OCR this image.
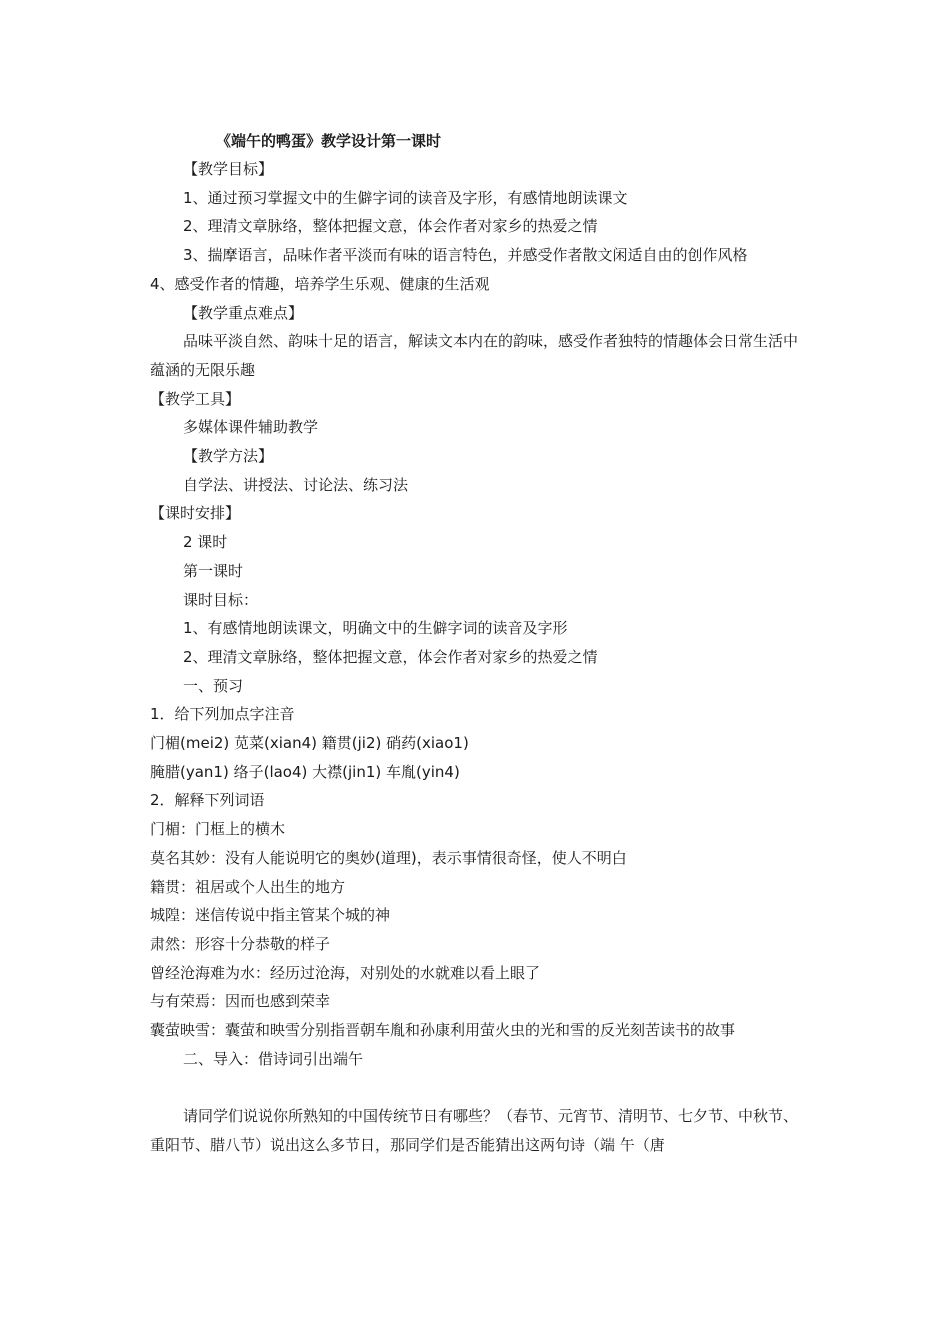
《端午的鸭蛋》教学设计第一课时

【教学目标】

1、通过预习掌握文中的生僻字词的读音及字形，有感情地朗读课文

2、理清文章脉络，整体把握文意，体会作者对家乡的热爱之情

3、揣摩语言，品味作者平淡而有味的语言特色，并感受作者散文闲适自由的创作风格

4、感受作者的情趣，培养学生乐观、健康的生活观

【教学重点难点】

品味平淡自然、韵味十足的语言，解读文本内在的韵味，感受作者独特的情趣体会日常生活中蕴涵的无限乐趣

【教学工具】

多媒体课件辅助教学

【教学方法】

自学法、讲授法、讨论法、练习法

【课时安排】

2 课时

第一课时

课时目标：

1、有感情地朗读课文，明确文中的生僻字词的读音及字形

2、理清文章脉络，整体把握文意，体会作者对家乡的热爱之情

一、预习

1．给下列加点字注音

门楣(mei2) 苋菜(xian4) 籍贯(ji2) 硝药(xiao1)

腌腊(yan1) 络子(lao4) 大襟(jin1) 车胤(yin4)

2．解释下列词语

门楣：门框上的横木

莫名其妙：没有人能说明它的奥妙(道理)，表示事情很奇怪，使人不明白

籍贯：祖居或个人出生的地方

城隍：迷信传说中指主管某个城的神

肃然：形容十分恭敬的样子

曾经沧海难为水：经历过沧海，对别处的水就难以看上眼了

与有荣焉：因而也感到荣幸

囊萤映雪：囊萤和映雪分别指晋朝车胤和孙康利用萤火虫的光和雪的反光刻苦读书的故事

二、导入：借诗词引出端午

请同学们说说你所熟知的中国传统节日有哪些？（春节、元宵节、清明节、七夕节、中秋节、重阳节、腊八节）说出这么多节日，那同学们是否能猜出这两句诗（端 午（唐
